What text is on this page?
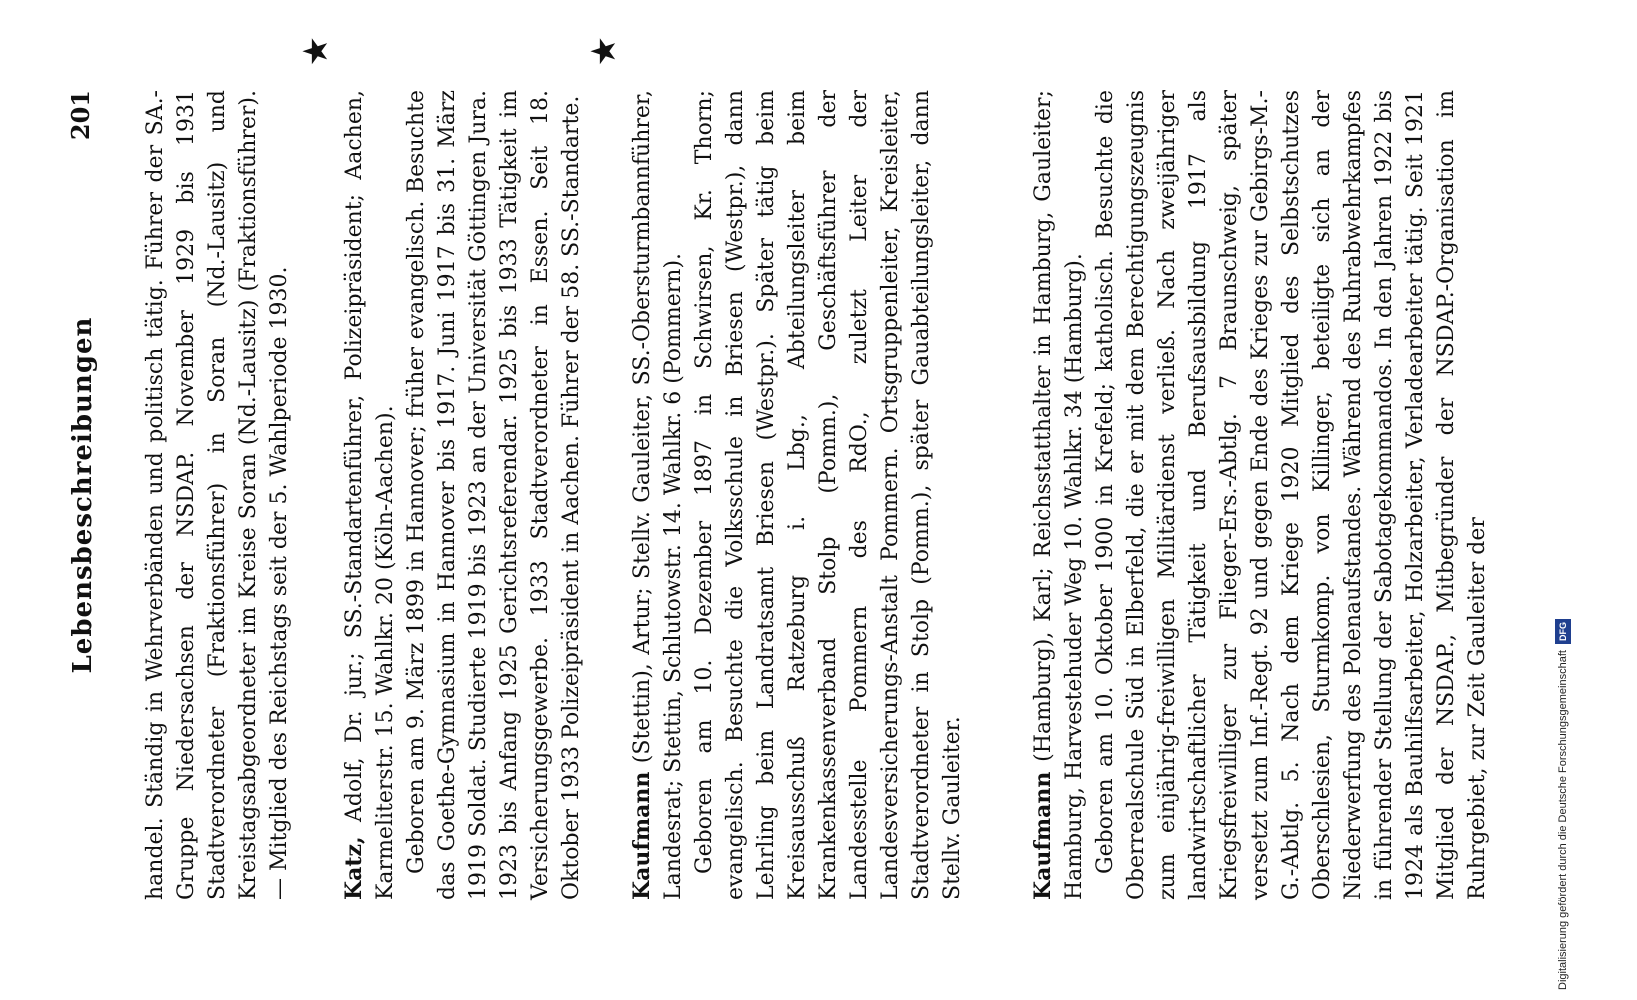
Lebensbeschreibungen
201 handel. Ständig in Wehrverbänden und politisch tätig. Führer der SA.-Gruppe Niedersachsen der NSDAP. November 1929 bis 1931 Stadtverordneter (Fraktionsführer) in Soran (Nd.-Lausitz) und Kreistagsabgeordneter im Kreise Soran (Nd.-Lausitz) (Fraktionsführer). — Mitglied des Reichstags seit der 5. Wahlperiode 1930.

★

Katz, Adolf, Dr. jur.; SS.-Standartenführer, Polizeipräsident; Aachen, Karmeliterstr. 15. Wahlkr. 20 (Köln-Aachen). Geboren am 9. März 1899 in Hannover; früher evangelisch. Besuchte das Goethe-Gymnasium in Hannover bis 1917. Juni 1917 bis 31. März 1919 Soldat. Studierte 1919 bis 1923 an der Universität Göttingen Jura. 1923 bis Anfang 1925 Gerichtsreferendar. 1925 bis 1933 Tätigkeit im Versicherungsgewerbe. 1933 Stadtverordneter in Essen. Seit 18. Oktober 1933 Polizeipräsident in Aachen. Führer der 58. SS.-Standarte.

★

Kaufmann (Stettin), Artur; Stellv. Gauleiter, SS.-Obersturmbannführer, Landesrat; Stettin, Schlutowstr. 14. Wahlkr. 6 (Pommern). Geboren am 10. Dezember 1897 in Schwirsen, Kr. Thorn; evangelisch. Besuchte die Volksschule in Briesen (Westpr.), dann Lehrling beim Landratsamt Briesen (Westpr.). Später tätig beim Kreisausschuß Ratzeburg i. Lbg., Abteilungsleiter beim Krankenkassenverband Stolp (Pomm.), Geschäftsführer der Landesstelle Pommern des RdO., zuletzt Leiter der Landesversicherungs-Anstalt Pommern. Ortsgruppenleiter, Kreisleiter, Stadtverordneter in Stolp (Pomm.), später Gauabteilungsleiter, dann Stellv. Gauleiter.	Kaufmann (Hamburg), Karl; Reichsstatthalter in Hamburg, Gauleiter; Hamburg, Harvestehuder Weg 10. Wahlkr. 34 (Hamburg). Geboren am 10. Oktober 1900 in Krefeld; katholisch. Besuchte die Oberrealschule Süd in Elberfeld, die er mit dem Berechtigungszeugnis zum einjährig-freiwilligen Militärdienst verließ. Nach zweijähriger landwirtschaftlicher Tätigkeit und Berufsausbildung 1917 als Kriegsfreiwilliger zur Flieger-Ers.-Abtlg. 7 Braunschweig, später versetzt zum Inf.-Regt. 92 und gegen Ende des Krieges zur Gebirgs-M.-G.-Abtlg. 5. Nach dem Kriege 1920 Mitglied des Selbstschutzes Oberschlesien, Sturmkomp. von Killinger, beteiligte sich an der Niederwerfung des Polenaufstandes. Während des Ruhrabwehrkampfes in führender Stellung der Sabotagekommandos. In den Jahren 1922 bis 1924 als Bauhilfsarbeiter, Holzarbeiter, Verladearbeiter tätig. Seit 1921 Mitglied der NSDAP., Mitbegründer der NSDAP.-Organisation im Ruhrgebiet, zur Zeit Gauleiter der	Digitalisierung gefördert durch die Deutsche ForschungsgemeinschaftDFG
